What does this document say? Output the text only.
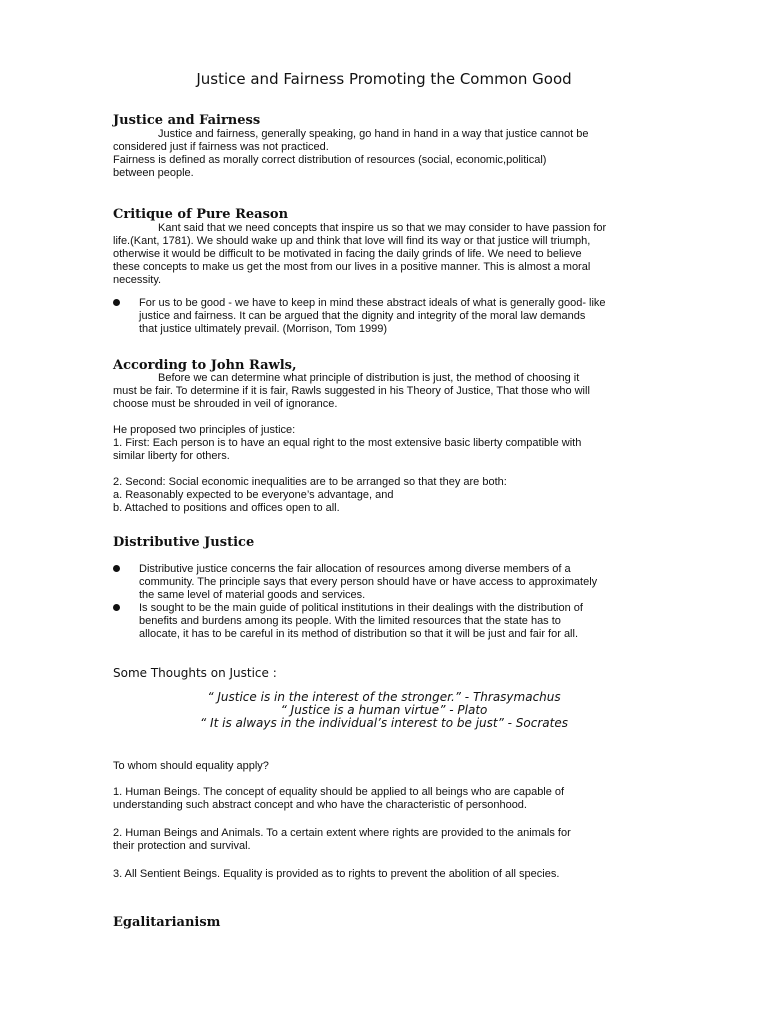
Justice and Fairness Promoting the Common Good
Justice and Fairness
Justice and fairness, generally speaking, go hand in hand in a way that justice cannot be
considered just if fairness was not practiced.
Fairness is defined as morally correct distribution of resources (social, economic,political)
between people.
Critique of Pure Reason
Kant said that we need concepts that inspire us so that we may consider to have passion for
life.(Kant, 1781). We should wake up and think that love will find its way or that justice will triumph,
otherwise it would be difficult to be motivated in facing the daily grinds of life. We need to believe
these concepts to make us get the most from our lives in a positive manner. This is almost a moral
necessity.
For us to be good - we have to keep in mind these abstract ideals of what is generally good- like
justice and fairness. It can be argued that the dignity and integrity of the moral law demands
that justice ultimately prevail. (Morrison, Tom 1999)
According to John Rawls,
Before we can determine what principle of distribution is just, the method of choosing it
must be fair. To determine if it is fair, Rawls suggested in his Theory of Justice, That those who will
choose must be shrouded in veil of ignorance.
He proposed two principles of justice:
1. First: Each person is to have an equal right to the most extensive basic liberty compatible with
similar liberty for others.
2. Second: Social economic inequalities are to be arranged so that they are both:
a. Reasonably expected to be everyone’s advantage, and
b. Attached to positions and offices open to all.
Distributive Justice
Distributive justice concerns the fair allocation of resources among diverse members of a
community. The principle says that every person should have or have access to approximately
the same level of material goods and services.
Is sought to be the main guide of political institutions in their dealings with the distribution of
benefits and burdens among its people. With the limited resources that the state has to
allocate, it has to be careful in its method of distribution so that it will be just and fair for all.
Some Thoughts on Justice :
“ Justice is in the interest of the stronger.” - Thrasymachus
“ Justice is a human virtue” - Plato
“ It is always in the individual’s interest to be just” - Socrates
To whom should equality apply?
1. Human Beings. The concept of equality should be applied to all beings who are capable of
understanding such abstract concept and who have the characteristic of personhood.
2. Human Beings and Animals. To a certain extent where rights are provided to the animals for
their protection and survival.
3. All Sentient Beings. Equality is provided as to rights to prevent the abolition of all species.
Egalitarianism
